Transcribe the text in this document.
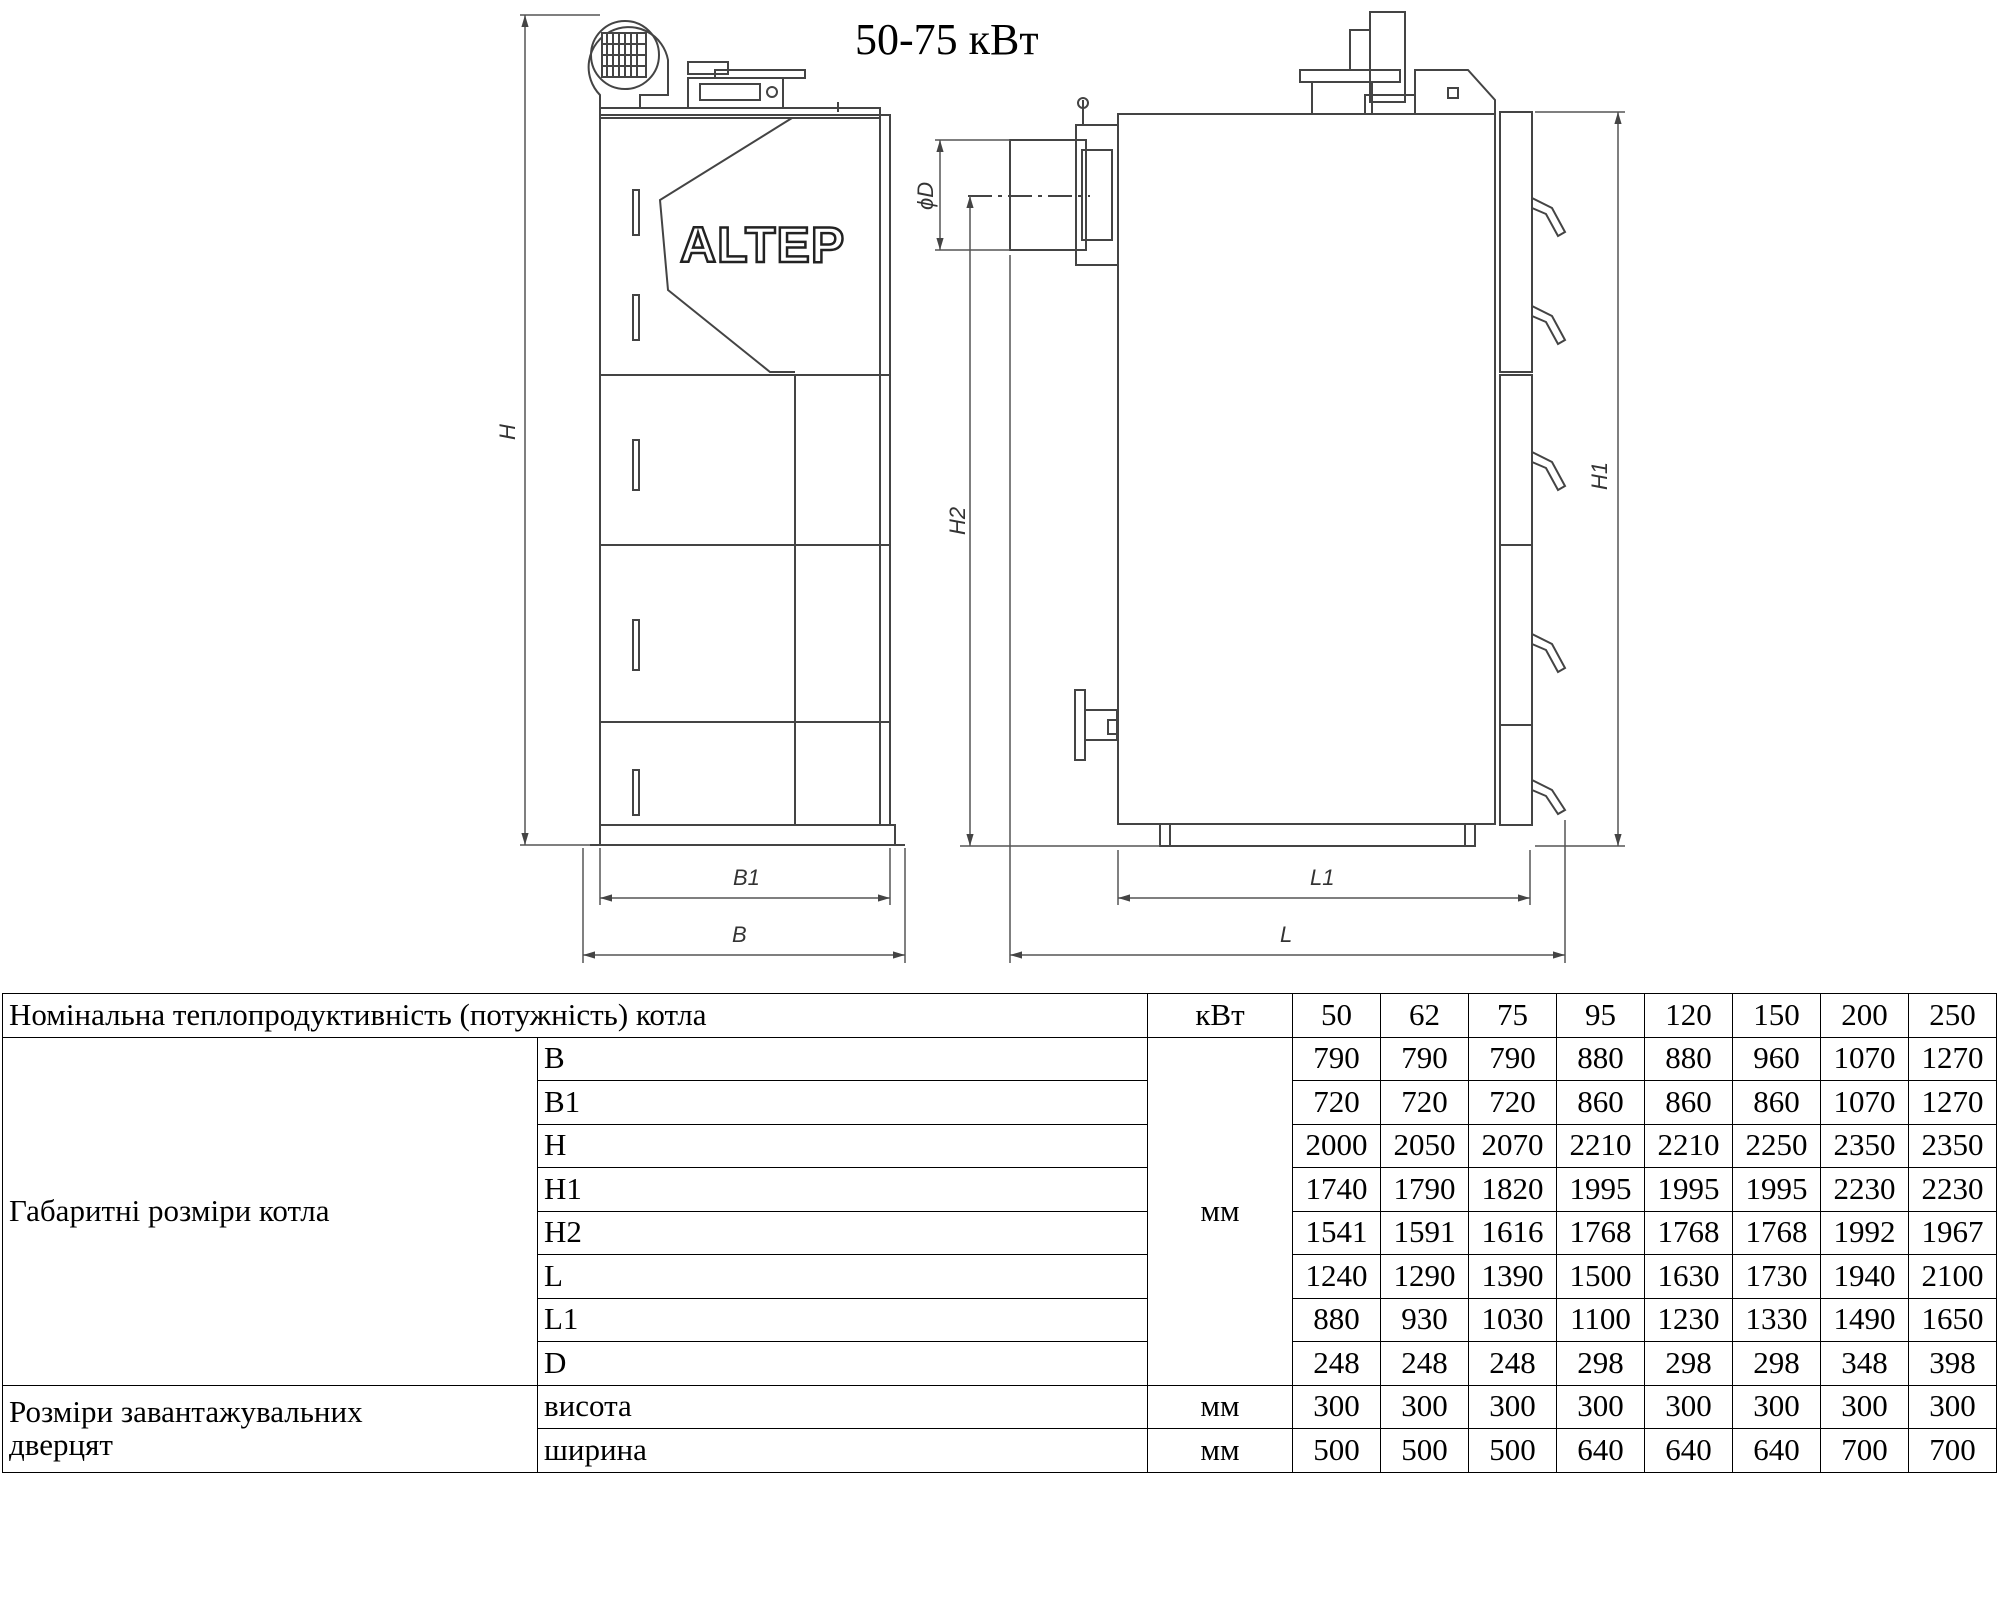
50-75 кВт
ALTEP
H
B1
B
ϕD
H2
H1
L1
L
Номінальна теплопродуктивність (потужність) котла		кВт	50	62	75	95	120	150	200	250
Габаритні розміри котла	B	мм	790	790	790	880	880	960	1070	1270
	B1		720	720	720	860	860	860	1070	1270
	H		2000	2050	2070	2210	2210	2250	2350	2350
	H1		1740	1790	1820	1995	1995	1995	2230	2230
	H2		1541	1591	1616	1768	1768	1768	1992	1967
	L		1240	1290	1390	1500	1630	1730	1940	2100
	L1		880	930	1030	1100	1230	1330	1490	1650
	D		248	248	248	298	298	298	348	398
Розміри завантажувальних
дверцят	висота	мм	300	300	300	300	300	300	300	300
	ширина	мм	500	500	500	640	640	640	700	700
